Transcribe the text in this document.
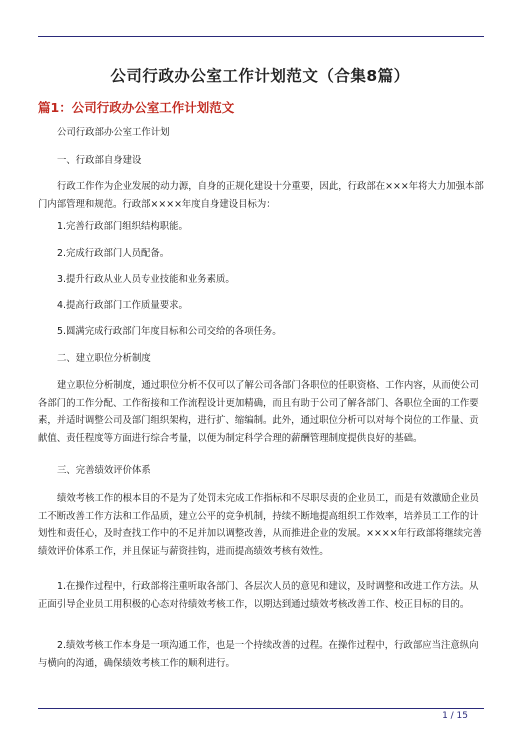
公司行政办公室工作计划范文（合集8篇）
篇1：公司行政办公室工作计划范文

公司行政部办公室工作计划

一、行政部自身建设

行政工作作为企业发展的动力源，自身的正规化建设十分重要，因此，行政部在×××年将大力加强本部门内部管理和规范。行政部××××年度自身建设目标为：

1.完善行政部门组织结构职能。

2.完成行政部门人员配备。

3.提升行政从业人员专业技能和业务素质。

4.提高行政部门工作质量要求。

5.圆满完成行政部门年度目标和公司交给的各项任务。

二、建立职位分析制度

建立职位分析制度，通过职位分析不仅可以了解公司各部门各职位的任职资格、工作内容，从而使公司各部门的工作分配、工作衔接和工作流程设计更加精确，而且有助于公司了解各部门、各职位全面的工作要素，并适时调整公司及部门组织架构，进行扩、缩编制。此外，通过职位分析可以对每个岗位的工作量、贡献值、责任程度等方面进行综合考量，以便为制定科学合理的薪酬管理制度提供良好的基础。

三、完善绩效评价体系

绩效考核工作的根本目的不是为了处罚未完成工作指标和不尽职尽责的企业员工，而是有效激励企业员工不断改善工作方法和工作品质，建立公平的竞争机制，持续不断地提高组织工作效率，培养员工工作的计划性和责任心，及时查找工作中的不足并加以调整改善，从而推进企业的发展。××××年行政部将继续完善绩效评价体系工作，并且保证与薪资挂钩，进而提高绩效考核有效性。

1.在操作过程中，行政部将注重听取各部门、各层次人员的意见和建议，及时调整和改进工作方法。从正面引导企业员工用积极的心态对待绩效考核工作，以期达到通过绩效考核改善工作、校正目标的目的。

2.绩效考核工作本身是一项沟通工作，也是一个持续改善的过程。在操作过程中，行政部应当注意纵向与横向的沟通，确保绩效考核工作的顺利进行。

1 / 15
